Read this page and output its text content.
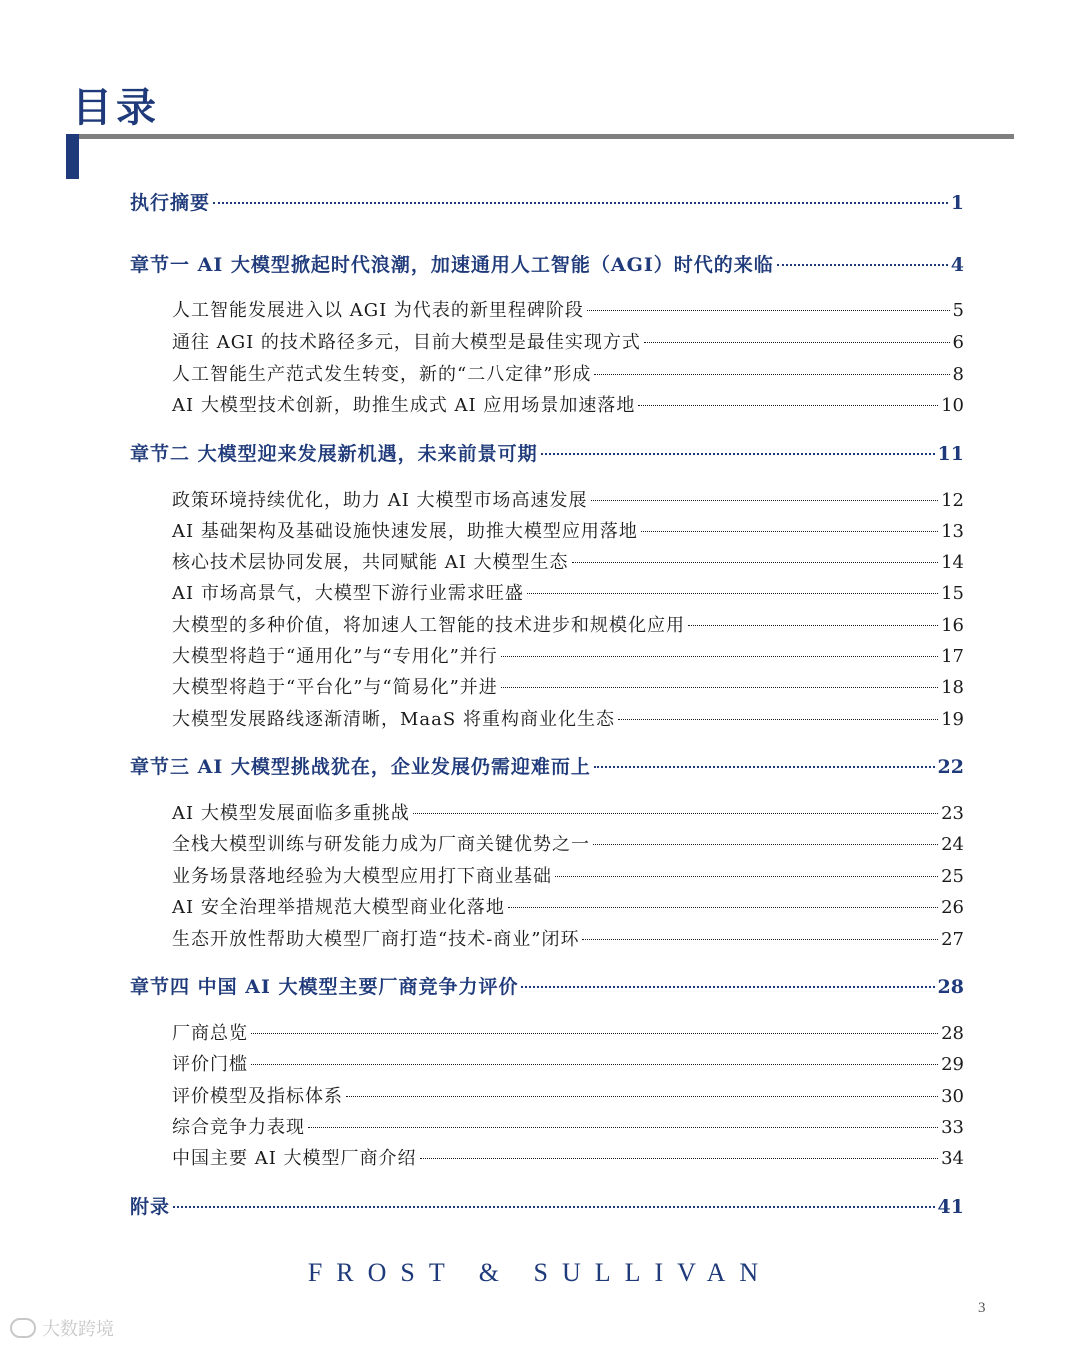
目录
执行摘要	1
章节一 AI 大模型掀起时代浪潮，加速通用人工智能（AGI）时代的来临	4
人工智能发展进入以 AGI 为代表的新里程碑阶段	5
通往 AGI 的技术路径多元，目前大模型是最佳实现方式	6
人工智能生产范式发生转变，新的“二八定律”形成	8
AI 大模型技术创新，助推生成式 AI 应用场景加速落地	10
章节二 大模型迎来发展新机遇，未来前景可期	11
政策环境持续优化，助力 AI 大模型市场高速发展	12
AI 基础架构及基础设施快速发展，助推大模型应用落地	13
核心技术层协同发展，共同赋能 AI 大模型生态	14
AI 市场高景气，大模型下游行业需求旺盛	15
大模型的多种价值，将加速人工智能的技术进步和规模化应用	16
大模型将趋于“通用化”与“专用化”并行	17
大模型将趋于“平台化”与“简易化”并进	18
大模型发展路线逐渐清晰，MaaS 将重构商业化生态	19
章节三 AI 大模型挑战犹在，企业发展仍需迎难而上	22
AI 大模型发展面临多重挑战	23
全栈大模型训练与研发能力成为厂商关键优势之一	24
业务场景落地经验为大模型应用打下商业基础	25
AI 安全治理举措规范大模型商业化落地	26
生态开放性帮助大模型厂商打造“技术-商业”闭环	27
章节四 中国 AI 大模型主要厂商竞争力评价	28
厂商总览	28
评价门槛	29
评价模型及指标体系	30
综合竞争力表现	33
中国主要 AI 大模型厂商介绍	34
附录	41
FROST & SULLIVAN
3
大数跨境
